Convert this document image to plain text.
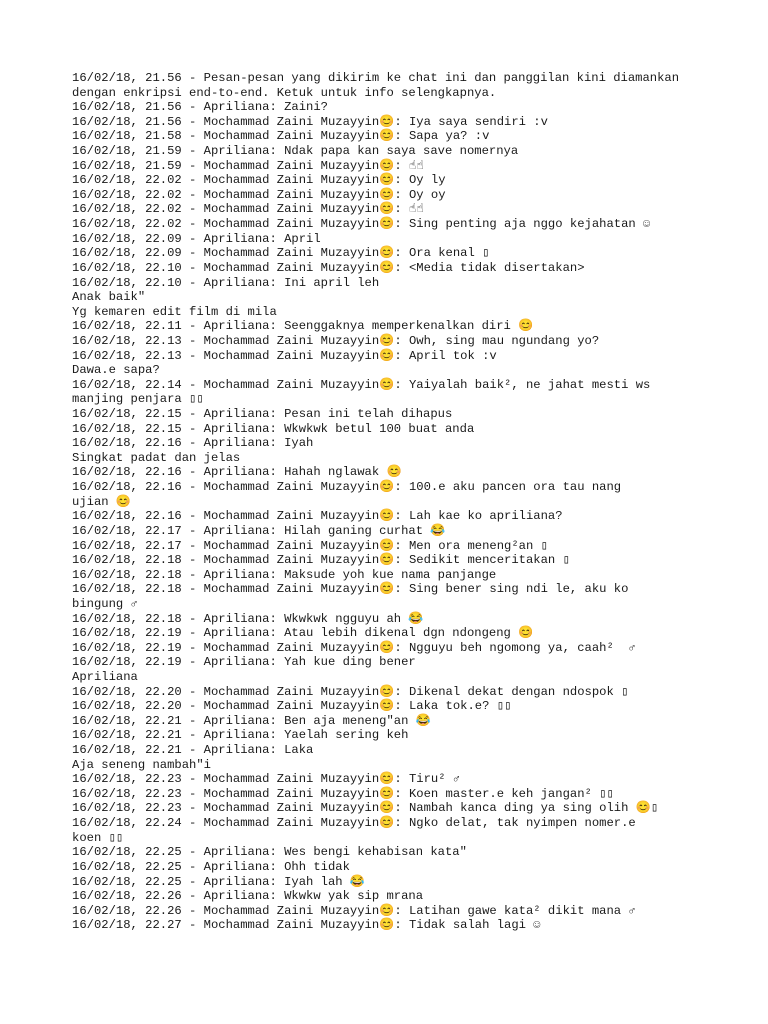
16/02/18, 21.56 - Pesan-pesan yang dikirim ke chat ini dan panggilan kini diamankan
dengan enkripsi end-to-end. Ketuk untuk info selengkapnya.
16/02/18, 21.56 - Apriliana: Zaini?
16/02/18, 21.56 - Mochammad Zaini Muzayyin😊: Iya saya sendiri :v
16/02/18, 21.58 - Mochammad Zaini Muzayyin😊: Sapa ya? :v
16/02/18, 21.59 - Apriliana: Ndak papa kan saya save nomernya
16/02/18, 21.59 - Mochammad Zaini Muzayyin😊: ☝☝
16/02/18, 22.02 - Mochammad Zaini Muzayyin😊: Oy ly
16/02/18, 22.02 - Mochammad Zaini Muzayyin😊: Oy oy
16/02/18, 22.02 - Mochammad Zaini Muzayyin😊: ☝☝
16/02/18, 22.02 - Mochammad Zaini Muzayyin😊: Sing penting aja nggo kejahatan ☺
16/02/18, 22.09 - Apriliana: April
16/02/18, 22.09 - Mochammad Zaini Muzayyin😊: Ora kenal ▯
16/02/18, 22.10 - Mochammad Zaini Muzayyin😊: <Media tidak disertakan>
16/02/18, 22.10 - Apriliana: Ini april leh
Anak baik"
Yg kemaren edit film di mila
16/02/18, 22.11 - Apriliana: Seenggaknya memperkenalkan diri 😊
16/02/18, 22.13 - Mochammad Zaini Muzayyin😊: Owh, sing mau ngundang yo?
16/02/18, 22.13 - Mochammad Zaini Muzayyin😊: April tok :v
Dawa.e sapa?
16/02/18, 22.14 - Mochammad Zaini Muzayyin😊: Yaiyalah baik², ne jahat mesti ws
manjing penjara ▯▯
16/02/18, 22.15 - Apriliana: Pesan ini telah dihapus
16/02/18, 22.15 - Apriliana: Wkwkwk betul 100 buat anda
16/02/18, 22.16 - Apriliana: Iyah
Singkat padat dan jelas
16/02/18, 22.16 - Apriliana: Hahah nglawak 😊
16/02/18, 22.16 - Mochammad Zaini Muzayyin😊: 100.e aku pancen ora tau nang
ujian 😊
16/02/18, 22.16 - Mochammad Zaini Muzayyin😊: Lah kae ko apriliana?
16/02/18, 22.17 - Apriliana: Hilah ganing curhat 😂
16/02/18, 22.17 - Mochammad Zaini Muzayyin😊: Men ora meneng²an ▯
16/02/18, 22.18 - Mochammad Zaini Muzayyin😊: Sedikit menceritakan ▯
16/02/18, 22.18 - Apriliana: Maksude yoh kue nama panjange
16/02/18, 22.18 - Mochammad Zaini Muzayyin😊: Sing bener sing ndi le, aku ko
bingung ♂
16/02/18, 22.18 - Apriliana: Wkwkwk ngguyu ah 😂
16/02/18, 22.19 - Apriliana: Atau lebih dikenal dgn ndongeng 😊
16/02/18, 22.19 - Mochammad Zaini Muzayyin😊: Ngguyu beh ngomong ya, caah²  ♂
16/02/18, 22.19 - Apriliana: Yah kue ding bener
Apriliana
16/02/18, 22.20 - Mochammad Zaini Muzayyin😊: Dikenal dekat dengan ndospok ▯
16/02/18, 22.20 - Mochammad Zaini Muzayyin😊: Laka tok.e? ▯▯
16/02/18, 22.21 - Apriliana: Ben aja meneng"an 😂
16/02/18, 22.21 - Apriliana: Yaelah sering keh
16/02/18, 22.21 - Apriliana: Laka
Aja seneng nambah"i
16/02/18, 22.23 - Mochammad Zaini Muzayyin😊: Tiru² ♂
16/02/18, 22.23 - Mochammad Zaini Muzayyin😊: Koen master.e keh jangan² ▯▯
16/02/18, 22.23 - Mochammad Zaini Muzayyin😊: Nambah kanca ding ya sing olih 😊▯
16/02/18, 22.24 - Mochammad Zaini Muzayyin😊: Ngko delat, tak nyimpen nomer.e
koen ▯▯
16/02/18, 22.25 - Apriliana: Wes bengi kehabisan kata"
16/02/18, 22.25 - Apriliana: Ohh tidak
16/02/18, 22.25 - Apriliana: Iyah lah 😂
16/02/18, 22.26 - Apriliana: Wkwkw yak sip mrana
16/02/18, 22.26 - Mochammad Zaini Muzayyin😊: Latihan gawe kata² dikit mana ♂
16/02/18, 22.27 - Mochammad Zaini Muzayyin😊: Tidak salah lagi ☺
